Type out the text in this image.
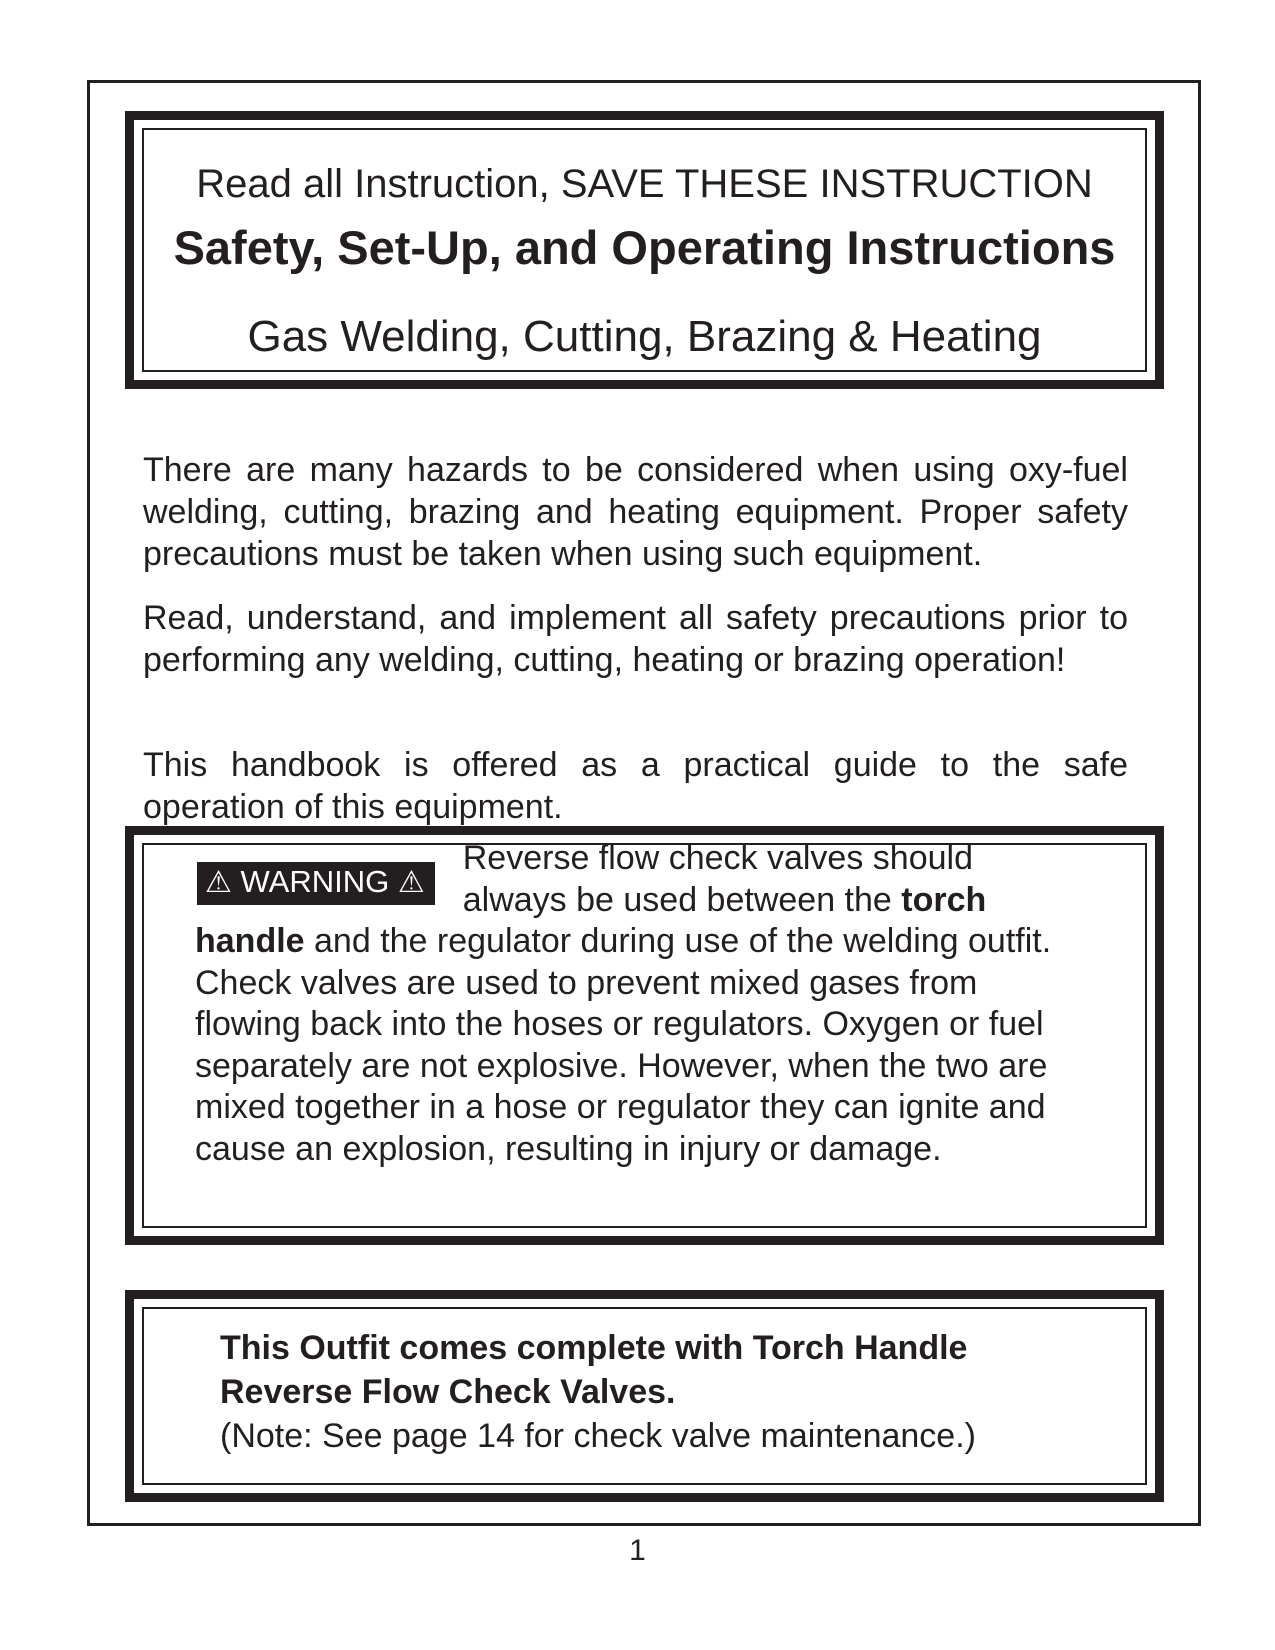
Read all Instruction, SAVE THESE INSTRUCTION
Safety, Set-Up, and Operating Instructions
Gas Welding, Cutting, Brazing & Heating

There are many hazards to be considered when using oxy-fuel welding, cutting, brazing and heating equipment. Proper safety precautions must be taken when using such equipment.

Read, understand, and implement all safety precautions prior to performing any welding, cutting, heating or brazing operation!

This handbook is offered as a practical guide to the safe operation of this equipment.

⚠ WARNING ⚠
Reverse flow check valves should always be used between the torch handle and the regulator during use of the welding outfit. Check valves are used to prevent mixed gases from flowing back into the hoses or regulators. Oxygen or fuel separately are not explosive. However, when the two are mixed together in a hose or regulator they can ignite and cause an explosion, resulting in injury or damage.
This Outfit comes complete with Torch Handle
Reverse Flow Check Valves.
(Note: See page 14 for check valve maintenance.)
1
